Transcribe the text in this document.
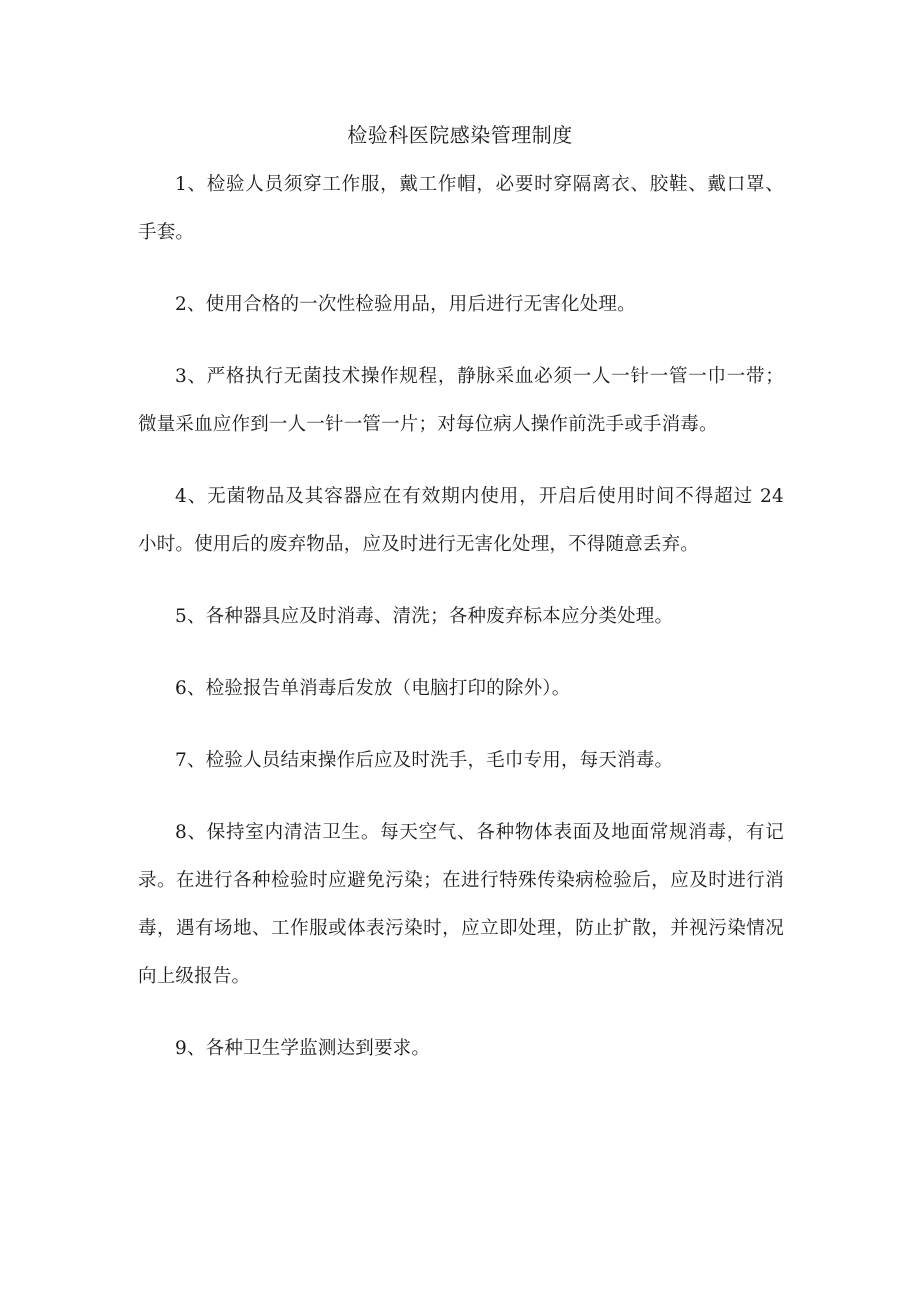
检验科医院感染管理制度

1、检验人员须穿工作服，戴工作帽，必要时穿隔离衣、胶鞋、戴口罩、手套。

2、使用合格的一次性检验用品，用后进行无害化处理。

3、严格执行无菌技术操作规程，静脉采血必须一人一针一管一巾一带；微量采血应作到一人一针一管一片；对每位病人操作前洗手或手消毒。

4、无菌物品及其容器应在有效期内使用，开启后使用时间不得超过 24 小时。使用后的废弃物品，应及时进行无害化处理，不得随意丢弃。

5、各种器具应及时消毒、清洗；各种废弃标本应分类处理。

6、检验报告单消毒后发放（电脑打印的除外）。

7、检验人员结束操作后应及时洗手，毛巾专用，每天消毒。

8、保持室内清洁卫生。每天空气、各种物体表面及地面常规消毒，有记录。在进行各种检验时应避免污染；在进行特殊传染病检验后，应及时进行消毒，遇有场地、工作服或体表污染时，应立即处理，防止扩散，并视污染情况向上级报告。

9、各种卫生学监测达到要求。
